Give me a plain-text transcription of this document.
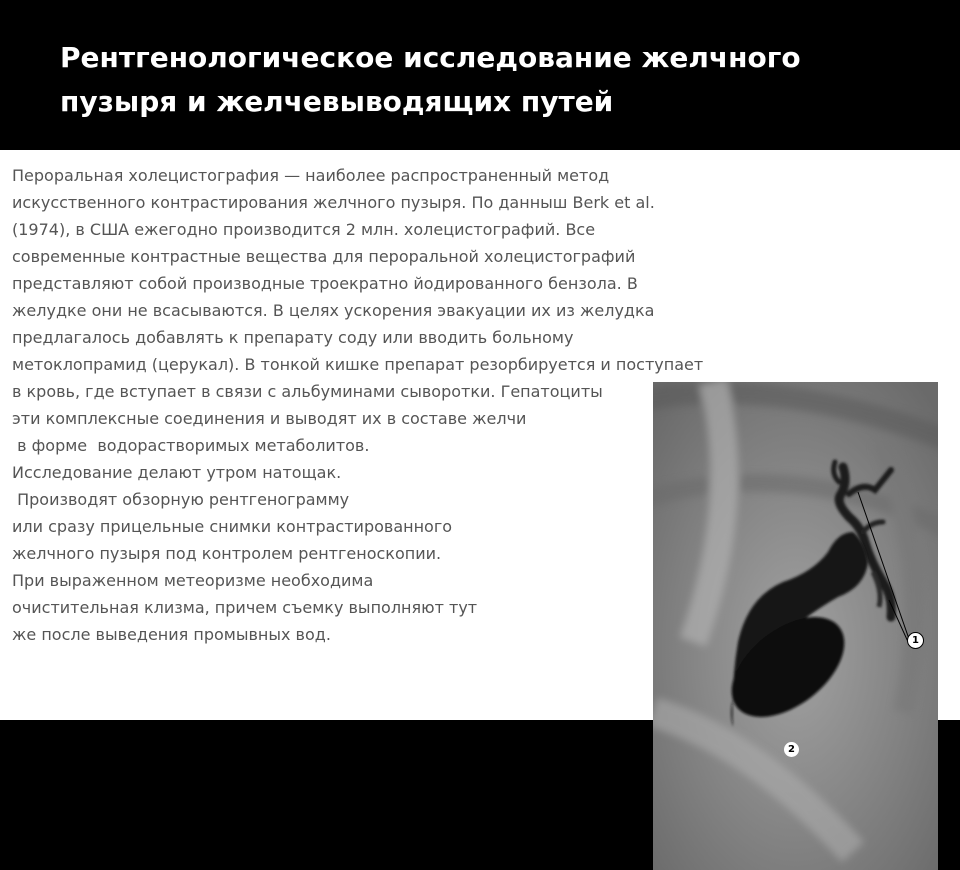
Рентгенологическое исследование желчного
пузыря и желчевыводящих путей
Пероральная холецистография — наиболее распространенный метод
искусственного контрастирования желчного пузыря. По данныш Berk et al.
(1974), в США ежегодно производится 2 млн. холецистографий. Все
современные контрастные вещества для пероральной холецистографий
представляют собой производные троекратно йодированного бензола. В
желудке они не всасываются. В целях ускорения эвакуации их из желудка
предлагалось добавлять к препарату соду или вводить больному
метоклопрамид (церукал). В тонкой кишке препарат резорбируется и поступает
в кровь, где вступает в связи с альбуминами сыворотки. Гепатоциты
эти комплексные соединения и выводят их в составе желчи
в форме  водорастворимых метаболитов.
Исследование делают утром натощак.
Производят обзорную рентгенограмму
или сразу прицельные снимки контрастированного
желчного пузыря под контролем рентгеноскопии.
При выраженном метеоризме необходима
очистительная клизма, причем съемку выполняют тут
же после выведения промывных вод.	1
2
